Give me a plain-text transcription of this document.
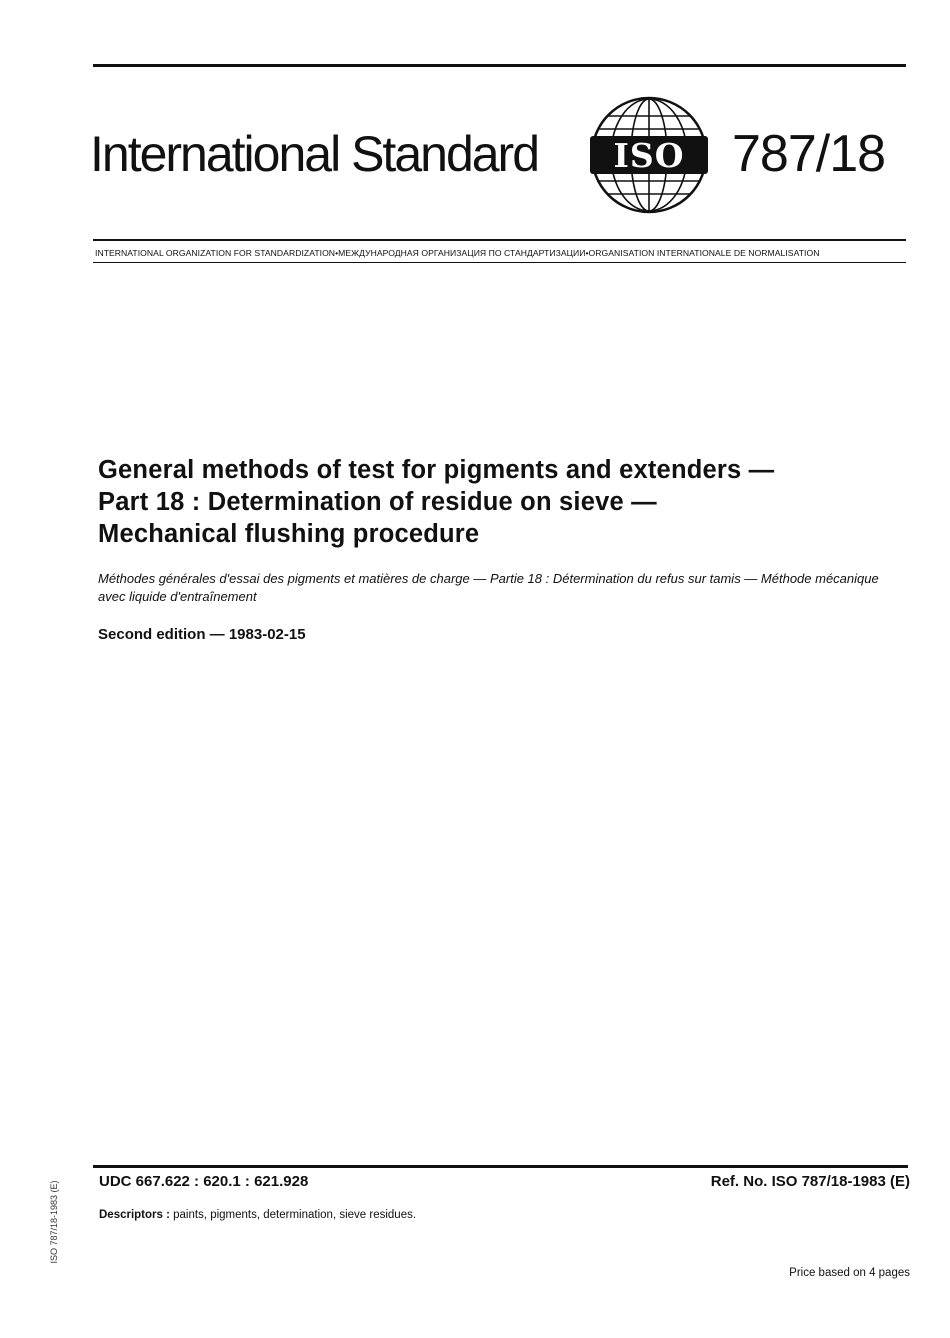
International Standard ISO 787/18
INTERNATIONAL ORGANIZATION FOR STANDARDIZATION•МЕЖДУНАРОДНАЯ ОРГАНИЗАЦИЯ ПО СТАНДАРТИЗАЦИИ•ORGANISATION INTERNATIONALE DE NORMALISATION
General methods of test for pigments and extenders —
Part 18 : Determination of residue on sieve —
Mechanical flushing procedure
Méthodes générales d'essai des pigments et matières de charge — Partie 18 : Détermination du refus sur tamis — Méthode mécanique avec liquide d'entraînement
Second edition — 1983-02-15
UDC 667.622 : 620.1 : 621.928	Ref. No. ISO 787/18-1983 (E)
Descriptors : paints, pigments, determination, sieve residues.
Price based on 4 pages
ISO 787/18-1983 (E)
